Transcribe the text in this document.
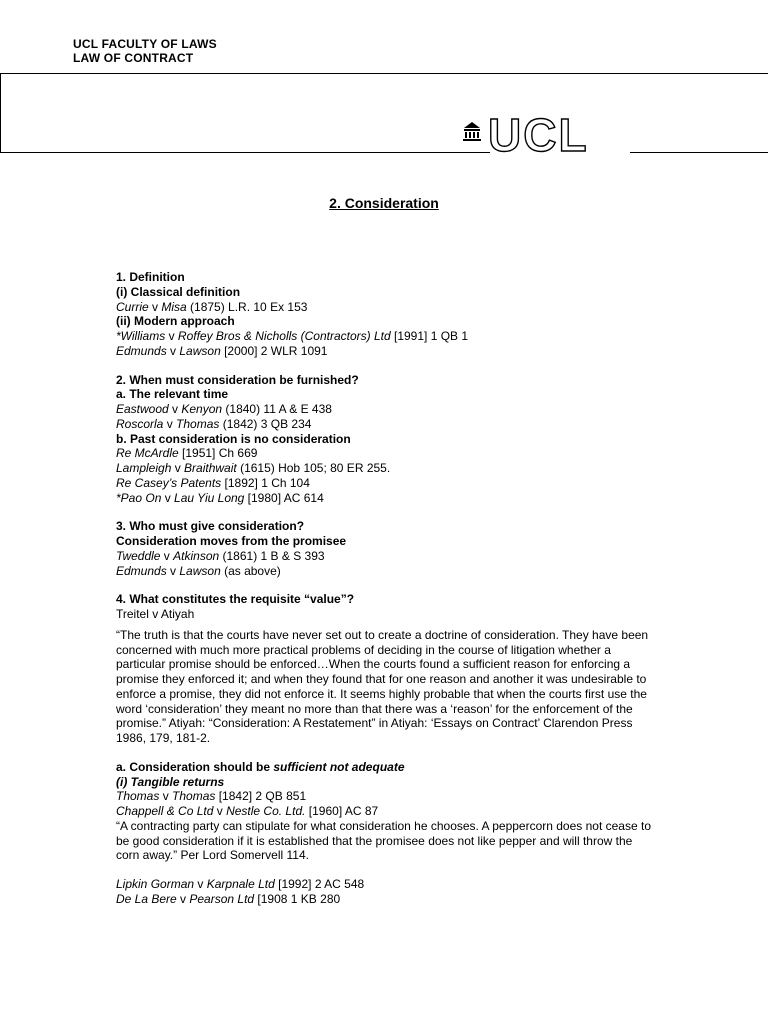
UCL FACULTY OF LAWS
LAW OF CONTRACT
UCL
2. Consideration
1. Definition
(i) Classical definition
Currie v Misa (1875) L.R. 10 Ex 153
(ii) Modern approach
*Williams v Roffey Bros & Nicholls (Contractors) Ltd [1991] 1 QB 1
Edmunds v Lawson [2000] 2 WLR 1091
2. When must consideration be furnished?
a. The relevant time
Eastwood v Kenyon (1840) 11 A & E 438
Roscorla v Thomas (1842) 3 QB 234
b. Past consideration is no consideration
Re McArdle [1951] Ch 669
Lampleigh v Braithwait (1615) Hob 105; 80 ER 255.
Re Casey’s Patents [1892] 1 Ch 104
*Pao On v Lau Yiu Long [1980] AC 614
3. Who must give consideration?
Consideration moves from the promisee
Tweddle v Atkinson (1861) 1 B & S 393
Edmunds v Lawson (as above)
4. What constitutes the requisite “value”?
Treitel v Atiyah
“The truth is that the courts have never set out to create a doctrine of consideration. They have been concerned with much more practical problems of deciding in the course of litigation whether a particular promise should be enforced…When the courts found a sufficient reason for enforcing a promise they enforced it; and when they found that for one reason and another it was undesirable to enforce a promise, they did not enforce it. It seems highly probable that when the courts first use the word ‘consideration’ they meant no more than that there was a ‘reason’ for the enforcement of the promise.” Atiyah: “Consideration: A Restatement” in Atiyah: ‘Essays on Contract’ Clarendon Press 1986, 179, 181-2.
a. Consideration should be sufficient not adequate
(i) Tangible returns
Thomas v Thomas [1842] 2 QB 851
Chappell & Co Ltd v Nestle Co. Ltd. [1960] AC 87
“A contracting party can stipulate for what consideration he chooses. A peppercorn does not cease to be good consideration if it is established that the promisee does not like pepper and will throw the corn away.” Per Lord Somervell 114.
Lipkin Gorman v Karpnale Ltd [1992] 2 AC 548
De La Bere v Pearson Ltd [1908 1 KB 280
